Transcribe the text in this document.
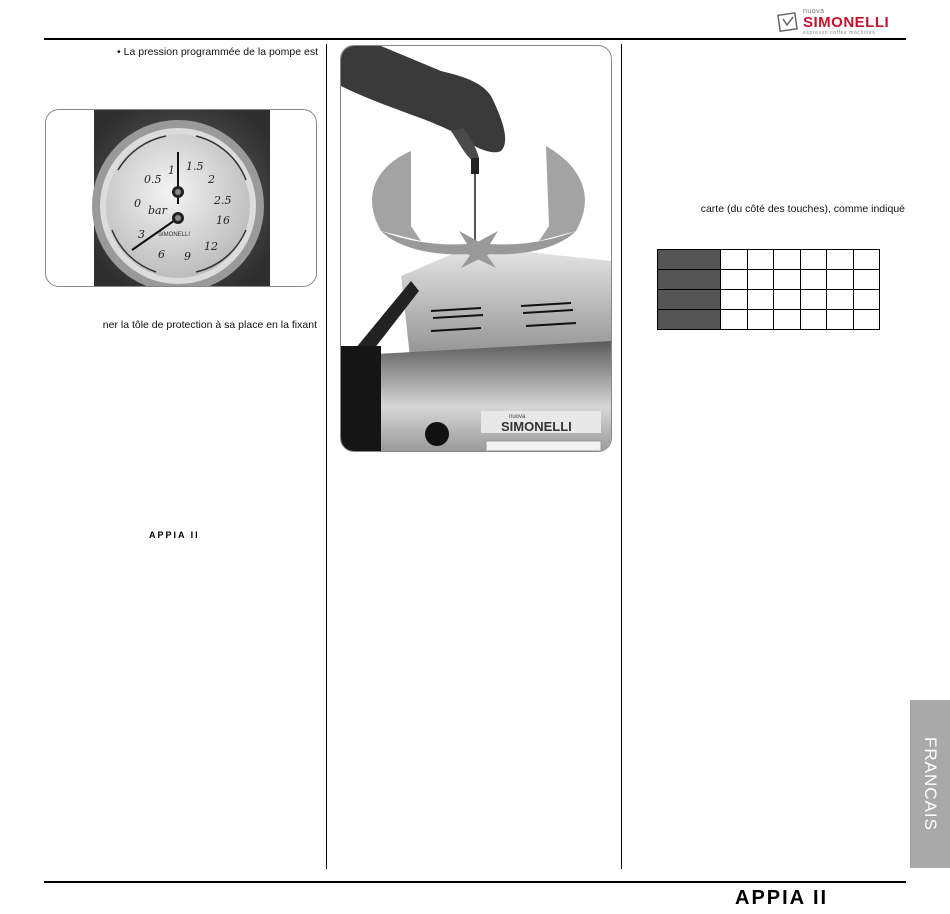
nuova
SIMONELLI
espresso coffee machines
• La pression programmée de la pompe est
0.5
1 1.5
2
2.5
16
12
9
6
3
0
bar
SIMONELLI
ner la tôle de protection à sa place en la fixant
APPIA II
nuova
SIMONELLI
carte (du côté des touches), comme indiqué

FRANCAIS
APPIA II
